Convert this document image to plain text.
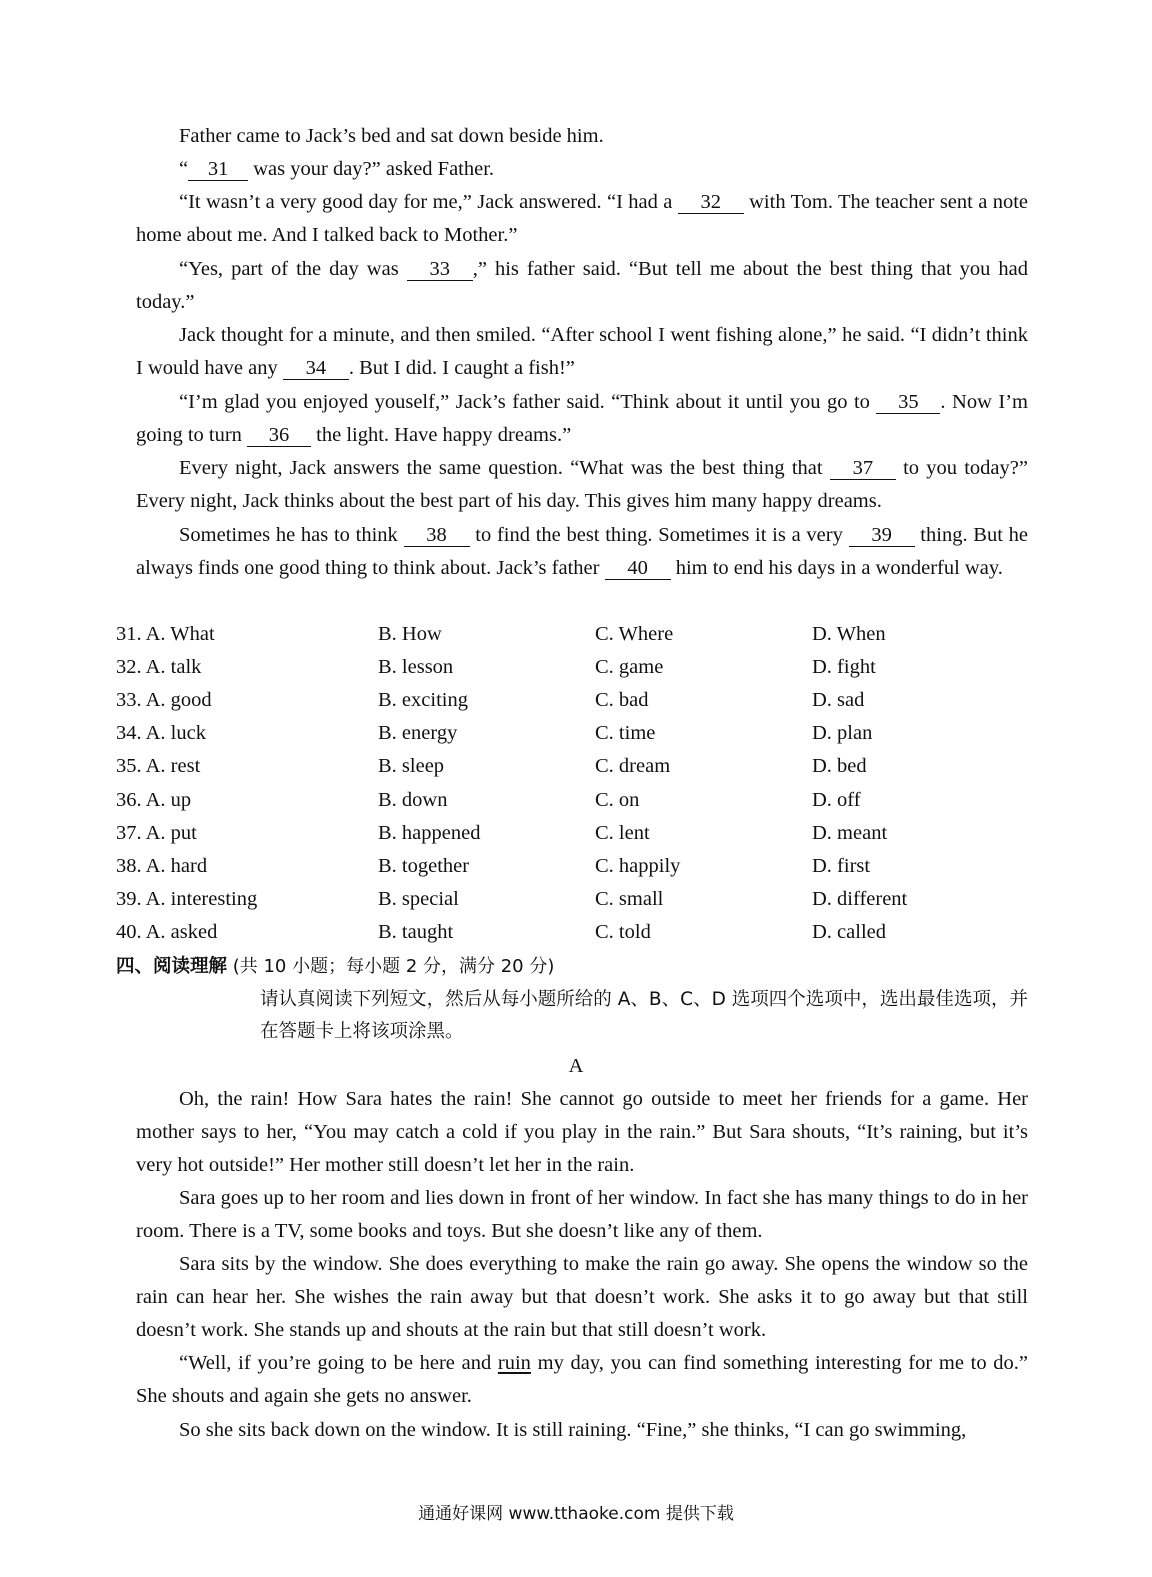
Father came to Jack’s bed and sat down beside him.

“ 31 was your day?” asked Father.

“It wasn’t a very good day for me,” Jack answered. “I had a 32 with Tom. The teacher sent a note home about me. And I talked back to Mother.”

“Yes, part of the day was 33 ,” his father said. “But tell me about the best thing that you had today.”

Jack thought for a minute, and then smiled. “After school I went fishing alone,” he said. “I didn’t think I would have any 34 . But I did. I caught a fish!”

“I’m glad you enjoyed youself,” Jack’s father said. “Think about it until you go to 35 . Now I’m going to turn 36 the light. Have happy dreams.”

Every night, Jack answers the same question. “What was the best thing that 37 to you today?” Every night, Jack thinks about the best part of his day. This gives him many happy dreams.

Sometimes he has to think 38 to find the best thing. Sometimes it is a very 39 thing. But he always finds one good thing to think about. Jack’s father 40 him to end his days in a wonderful way.

31. A. What	B. How	C. Where	D. When
32. A. talk	B. lesson	C. game	D. fight
33. A. good	B. exciting	C. bad	D. sad
34. A. luck	B. energy	C. time	D. plan
35. A. rest	B. sleep	C. dream	D. bed
36. A. up	B. down	C. on	D. off
37. A. put	B. happened	C. lent	D. meant
38. A. hard	B. together	C. happily	D. first
39. A. interesting	B. special	C. small	D. different
40. A. asked	B. taught	C. told	D. called
四、阅读理解 (共 10 小题；每小题 2 分，满分 20 分)

请认真阅读下列短文，然后从每小题所给的 A、B、C、D 选项四个选项中，选出最佳选项，并在答题卡上将该项涂黑。

A

Oh, the rain! How Sara hates the rain! She cannot go outside to meet her friends for a game. Her mother says to her, “You may catch a cold if you play in the rain.” But Sara shouts, “It’s raining, but it’s very hot outside!” Her mother still doesn’t let her in the rain.

Sara goes up to her room and lies down in front of her window. In fact she has many things to do in her room. There is a TV, some books and toys. But she doesn’t like any of them.

Sara sits by the window. She does everything to make the rain go away. She opens the window so the rain can hear her. She wishes the rain away but that doesn’t work. She asks it to go away but that still doesn’t work. She stands up and shouts at the rain but that still doesn’t work.

“Well, if you’re going to be here and ruin my day, you can find something interesting for me to do.” She shouts and again she gets no answer.

So she sits back down on the window. It is still raining. “Fine,” she thinks, “I can go swimming,

通通好课网 www.tthaoke.com 提供下载
